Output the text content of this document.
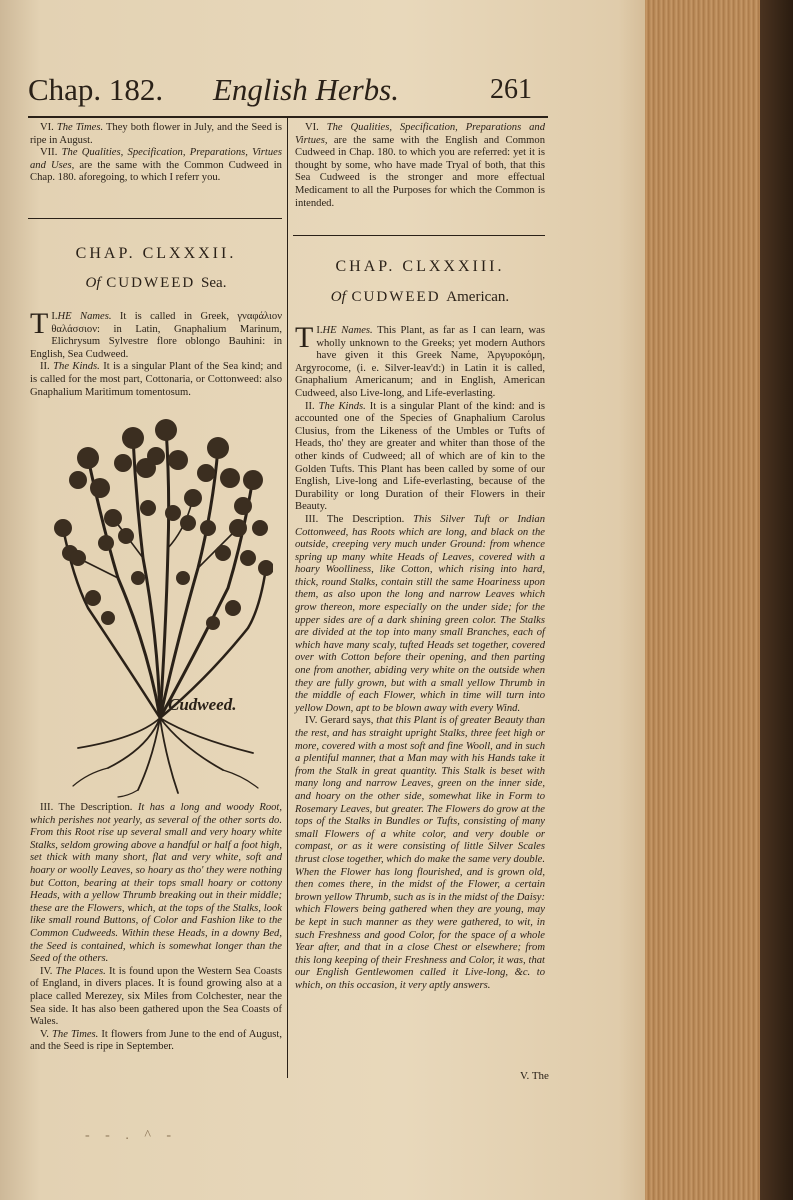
Chap. 182. English Herbs.	261

VI. The Times. They both flower in July, and the Seed is ripe in August.

VII. The Qualities, Specification, Preparations, Virtues and Uses, are the same with the Common Cudweed in Chap. 180. aforegoing, to which I referr you.

VI. The Qualities, Specification, Preparations and Virtues, are the same with the English and Common Cudweed in Chap. 180. to which you are referred: yet it is thought by some, who have made Tryal of both, that this Sea Cudweed is the stronger and more effectual Medicament to all the Purposes for which the Common is intended.

CHAP. CLXXXII.
Of CUDWEED Sea.

I.
T HE Names. It is called in Greek, γναφάλιον θαλάσσιον: in Latin, Gnaphalium Marinum, Elichrysum Sylvestre flore oblongo Bauhini: in English, Sea Cudweed.

II. The Kinds. It is a singular Plant of the Sea kind; and is called for the most part, Cottonaria, or Cottonweed: also Gnaphalium Maritimum tomentosum.

Cudweed.

III. The Description. It has a long and woody Root, which perishes not yearly, as several of the other sorts do. From this Root rise up several small and very hoary white Stalks, seldom growing above a handful or half a foot high, set thick with many short, flat and very white, soft and hoary or woolly Leaves, so hoary as tho' they were nothing but Cotton, bearing at their tops small hoary or cottony Heads, with a yellow Thrumb breaking out in their middle; these are the Flowers, which, at the tops of the Stalks, look like small round Buttons, of Color and Fashion like to the Common Cudweeds. Within these Heads, in a downy Bed, the Seed is contained, which is somewhat longer than the Seed of the others.

IV. The Places. It is found upon the Western Sea Coasts of England, in divers places. It is found growing also at a place called Merezey, six Miles from Colchester, near the Sea side. It has also been gathered upon the Sea Coasts of Wales.

V. The Times. It flowers from June to the end of August, and the Seed is ripe in September.

CHAP. CLXXXIII.
Of CUDWEED American.

I.
T HE Names. This Plant, as far as I can learn, was wholly unknown to the Greeks; yet modern Authors have given it this Greek Name, Ἀργυροκόμη, Argyrocome, (i. e. Silver-leav'd:) in Latin it is called, Gnaphalium Americanum; and in English, American Cudweed, also Live-long, and Life-everlasting.

II. The Kinds. It is a singular Plant of the kind: and is accounted one of the Species of Gnaphalium Carolus Clusius, from the Likeness of the Umbles or Tufts of Heads, tho' they are greater and whiter than those of the other kinds of Cudweed; all of which are of kin to the Golden Tufts. This Plant has been called by some of our English, Live-long and Life-everlasting, because of the Durability or long Duration of their Flowers in their Beauty.

III. The Description. This Silver Tuft or Indian Cottonweed, has Roots which are long, and black on the outside, creeping very much under Ground: from whence spring up many white Heads of Leaves, covered with a hoary Woolliness, like Cotton, which rising into hard, thick, round Stalks, contain still the same Hoariness upon them, as also upon the long and narrow Leaves which grow thereon, more especially on the under side; for the upper sides are of a dark shining green color. The Stalks are divided at the top into many small Branches, each of which have many scaly, tufted Heads set together, covered over with Cotton before their opening, and then parting one from another, abiding very white on the outside when they are fully grown, but with a small yellow Thrumb in the middle of each Flower, which in time will turn into yellow Down, apt to be blown away with every Wind.

IV. Gerard says, that this Plant is of greater Beauty than the rest, and has straight upright Stalks, three feet high or more, covered with a most soft and fine Wooll, and in such a plentiful manner, that a Man may with his Hands take it from the Stalk in great quantity. This Stalk is beset with many long and narrow Leaves, green on the inner side, and hoary on the other side, somewhat like in Form to Rosemary Leaves, but greater. The Flowers do grow at the tops of the Stalks in Bundles or Tufts, consisting of many small Flowers of a white color, and very double or compast, or as it were consisting of little Silver Scales thrust close together, which do make the same very double. When the Flower has long flourished, and is grown old, then comes there, in the midst of the Flower, a certain brown yellow Thrumb, such as is in the midst of the Daisy: which Flowers being gathered when they are young, may be kept in such manner as they were gathered, to wit, in such Freshness and good Color, for the space of a whole Year after, and that in a close Chest or elsewhere; from this long keeping of their Freshness and Color, it was, that our English Gentlewomen called it Live-long, &c. to which, on this occasion, it very aptly answers.

V. The
- - . ^ -
